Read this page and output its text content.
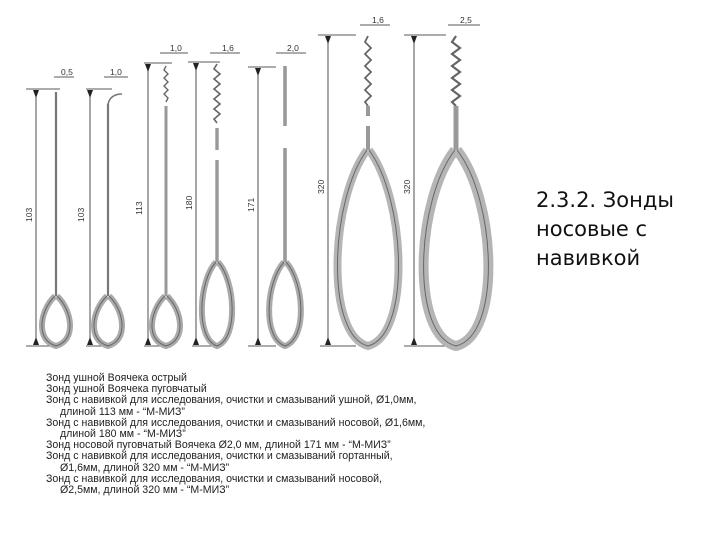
103
0,5
103
1,0
113
1,0
180
1,6
171
2,0
320
1,6
320
2,5
Зонд ушной Воячека острый
Зонд ушной Воячека пуговчатый
Зонд с навивкой для исследования, очистки и смазываний ушной, Ø1,0мм,
длиной 113 мм - “М-МИЗ”
Зонд с навивкой для исследования, очистки и смазываний носовой, Ø1,6мм,
длиной 180 мм - “М-МИЗ”
Зонд носовой пуговчатый Воячека Ø2,0 мм, длиной 171 мм - “М-МИЗ”
Зонд с навивкой для исследования, очистки и смазываний гортанный,
Ø1,6мм, длиной 320 мм - “М-МИЗ”
Зонд с навивкой для исследования, очистки и смазываний носовой,
Ø2,5мм, длиной 320 мм - “М-МИЗ”
2.3.2. Зонды
носовые с
навивкой
